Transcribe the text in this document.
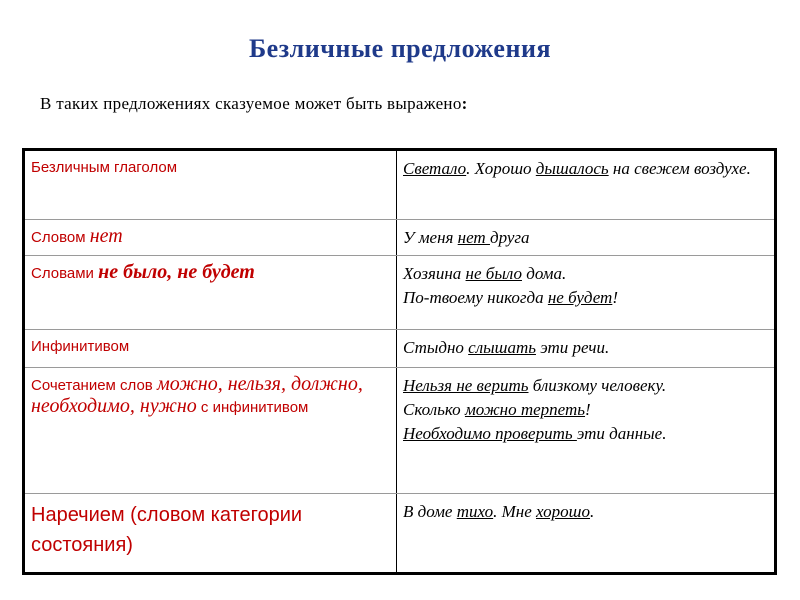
Безличные предложения
В таких предложениях сказуемое может быть выражено:
Безличным глаголом	Светало. Хорошо дышалось на свежем воздухе.

Словом нет	У меня нет друга

Словами не было, не будет	Хозяина не было дома.
По-твоему никогда не будет!

Инфинитивом	Стыдно слышать эти речи.

Сочетанием слов можно, нельзя, должно, необходимо, нужно с инфинитивом	Нельзя не верить близкому человеку.
Сколько можно терпеть!
Необходимо проверить эти данные.

Наречием (словом категории состояния)	В доме тихо. Мне хорошо.
